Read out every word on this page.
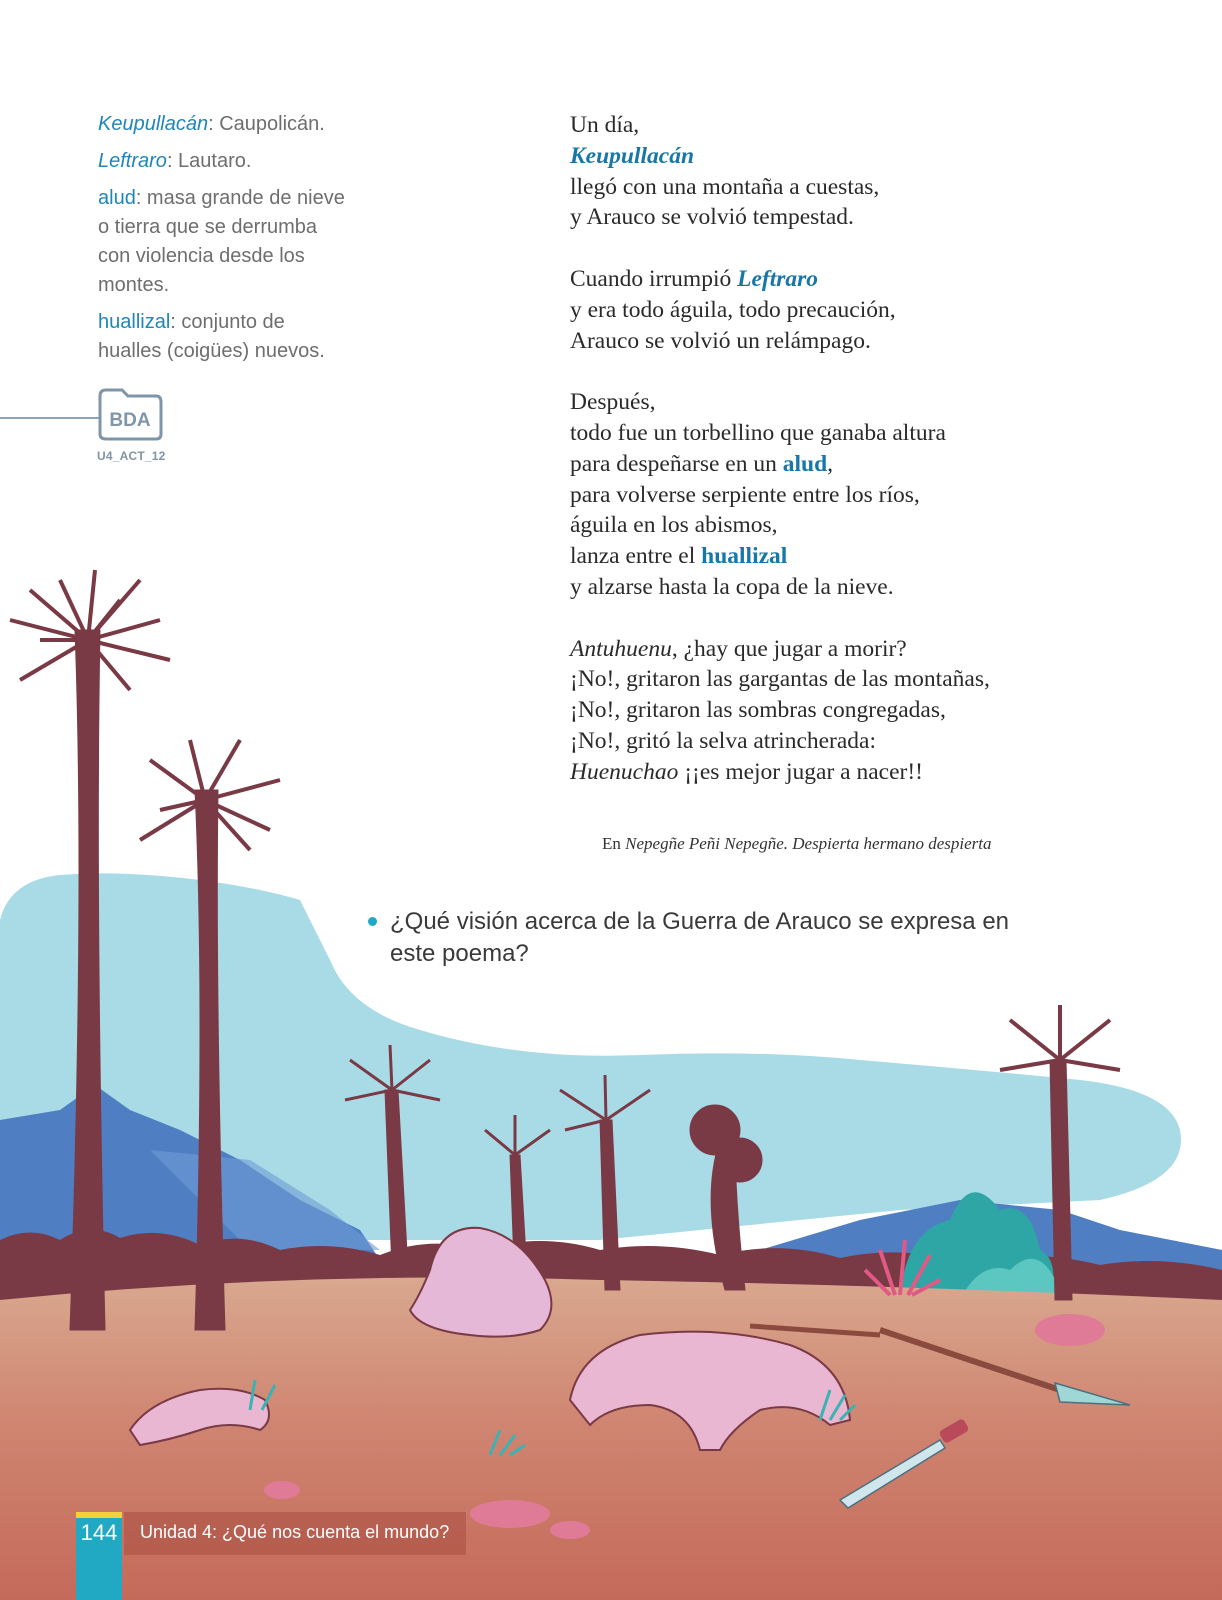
Keupullacán: Caupolicán.
Leftraro: Lautaro.
alud: masa grande de nieve o tierra que se derrumba con violencia desde los montes.
huallizal: conjunto de hualles (coigües) nuevos.
BDA
U4_ACT_12
Un día,
Keupullacán
llegó con una montaña a cuestas,
y Arauco se volvió tempestad.
Cuando irrumpió Leftraro
y era todo águila, todo precaución,
Arauco se volvió un relámpago.
Después,
todo fue un torbellino que ganaba altura
para despeñarse en un alud,
para volverse serpiente entre los ríos,
águila en los abismos,
lanza entre el huallizal
y alzarse hasta la copa de la nieve.
Antuhuenu, ¿hay que jugar a morir?
¡No!, gritaron las gargantas de las montañas,
¡No!, gritaron las sombras congregadas,
¡No!, gritó la selva atrincherada:
Huenuchao ¡¡es mejor jugar a nacer!!
En Nepegñe Peñi Nepegñe. Despierta hermano despierta
¿Qué visión acerca de la Guerra de Arauco se expresa en este poema?
144 Unidad 4: ¿Qué nos cuenta el mundo?
